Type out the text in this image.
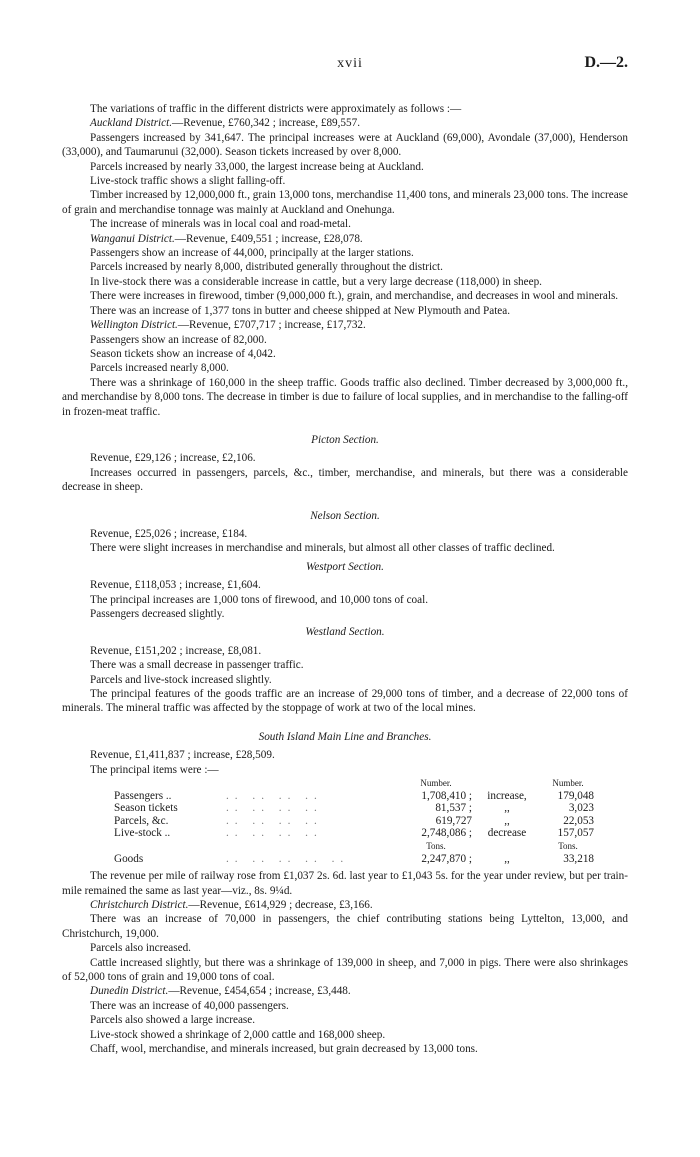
xvii	D.—2.

The variations of traffic in the different districts were approximately as follows :—

Auckland District.—Revenue, £760,342 ; increase, £89,557.

Passengers increased by 341,647. The principal increases were at Auckland (69,000), Avondale (37,000), Henderson (33,000), and Taumarunui (32,000). Season tickets increased by over 8,000.

Parcels increased by nearly 33,000, the largest increase being at Auckland.

Live-stock traffic shows a slight falling-off.

Timber increased by 12,000,000 ft., grain 13,000 tons, merchandise 11,400 tons, and minerals 23,000 tons. The increase of grain and merchandise tonnage was mainly at Auckland and Onehunga.

The increase of minerals was in local coal and road-metal.

Wanganui District.—Revenue, £409,551 ; increase, £28,078.

Passengers show an increase of 44,000, principally at the larger stations.

Parcels increased by nearly 8,000, distributed generally throughout the district.

In live-stock there was a considerable increase in cattle, but a very large decrease (118,000) in sheep.

There were increases in firewood, timber (9,000,000 ft.), grain, and merchandise, and decreases in wool and minerals.

There was an increase of 1,377 tons in butter and cheese shipped at New Plymouth and Patea.

Wellington District.—Revenue, £707,717 ; increase, £17,732.

Passengers show an increase of 82,000.

Season tickets show an increase of 4,042.

Parcels increased nearly 8,000.

There was a shrinkage of 160,000 in the sheep traffic. Goods traffic also declined. Timber decreased by 3,000,000 ft., and merchandise by 8,000 tons. The decrease in timber is due to failure of local supplies, and in merchandise to the falling-off in frozen-meat traffic.

Picton Section.

Revenue, £29,126 ; increase, £2,106.

Increases occurred in passengers, parcels, &c., timber, merchandise, and minerals, but there was a considerable decrease in sheep.

Nelson Section.

Revenue, £25,026 ; increase, £184.

There were slight increases in merchandise and minerals, but almost all other classes of traffic declined.

Westport Section.

Revenue, £118,053 ; increase, £1,604.

The principal increases are 1,000 tons of firewood, and 10,000 tons of coal.

Passengers decreased slightly.

Westland Section.

Revenue, £151,202 ; increase, £8,081.

There was a small decrease in passenger traffic.

Parcels and live-stock increased slightly.

The principal features of the goods traffic are an increase of 29,000 tons of timber, and a decrease of 22,000 tons of minerals. The mineral traffic was affected by the stoppage of work at two of the local mines.

South Island Main Line and Branches.

Revenue, £1,411,837 ; increase, £28,509.

The principal items were :—

		Number.		Number.
Passengers ..	.. .. .. ..	1,708,410 ;	increase,	179,048
Season tickets	.. .. .. ..	81,537 ;	,,	3,023
Parcels, &c.	.. .. .. ..	619,727	,,	22,053
Live-stock ..	.. .. .. ..	2,748,086 ;	decrease	157,057
		Tons.		Tons.
Goods	.. .. .. .. ..	2,247,870 ;	,,	33,218

The revenue per mile of railway rose from £1,037 2s. 6d. last year to £1,043 5s. for the year under review, but per train-mile remained the same as last year—viz., 8s. 9¼d.

Christchurch District.—Revenue, £614,929 ; decrease, £3,166.

There was an increase of 70,000 in passengers, the chief contributing stations being Lyttelton, 13,000, and Christchurch, 19,000.

Parcels also increased.

Cattle increased slightly, but there was a shrinkage of 139,000 in sheep, and 7,000 in pigs. There were also shrinkages of 52,000 tons of grain and 19,000 tons of coal.

Dunedin District.—Revenue, £454,654 ; increase, £3,448.

There was an increase of 40,000 passengers.

Parcels also showed a large increase.

Live-stock showed a shrinkage of 2,000 cattle and 168,000 sheep.

Chaff, wool, merchandise, and minerals increased, but grain decreased by 13,000 tons.
